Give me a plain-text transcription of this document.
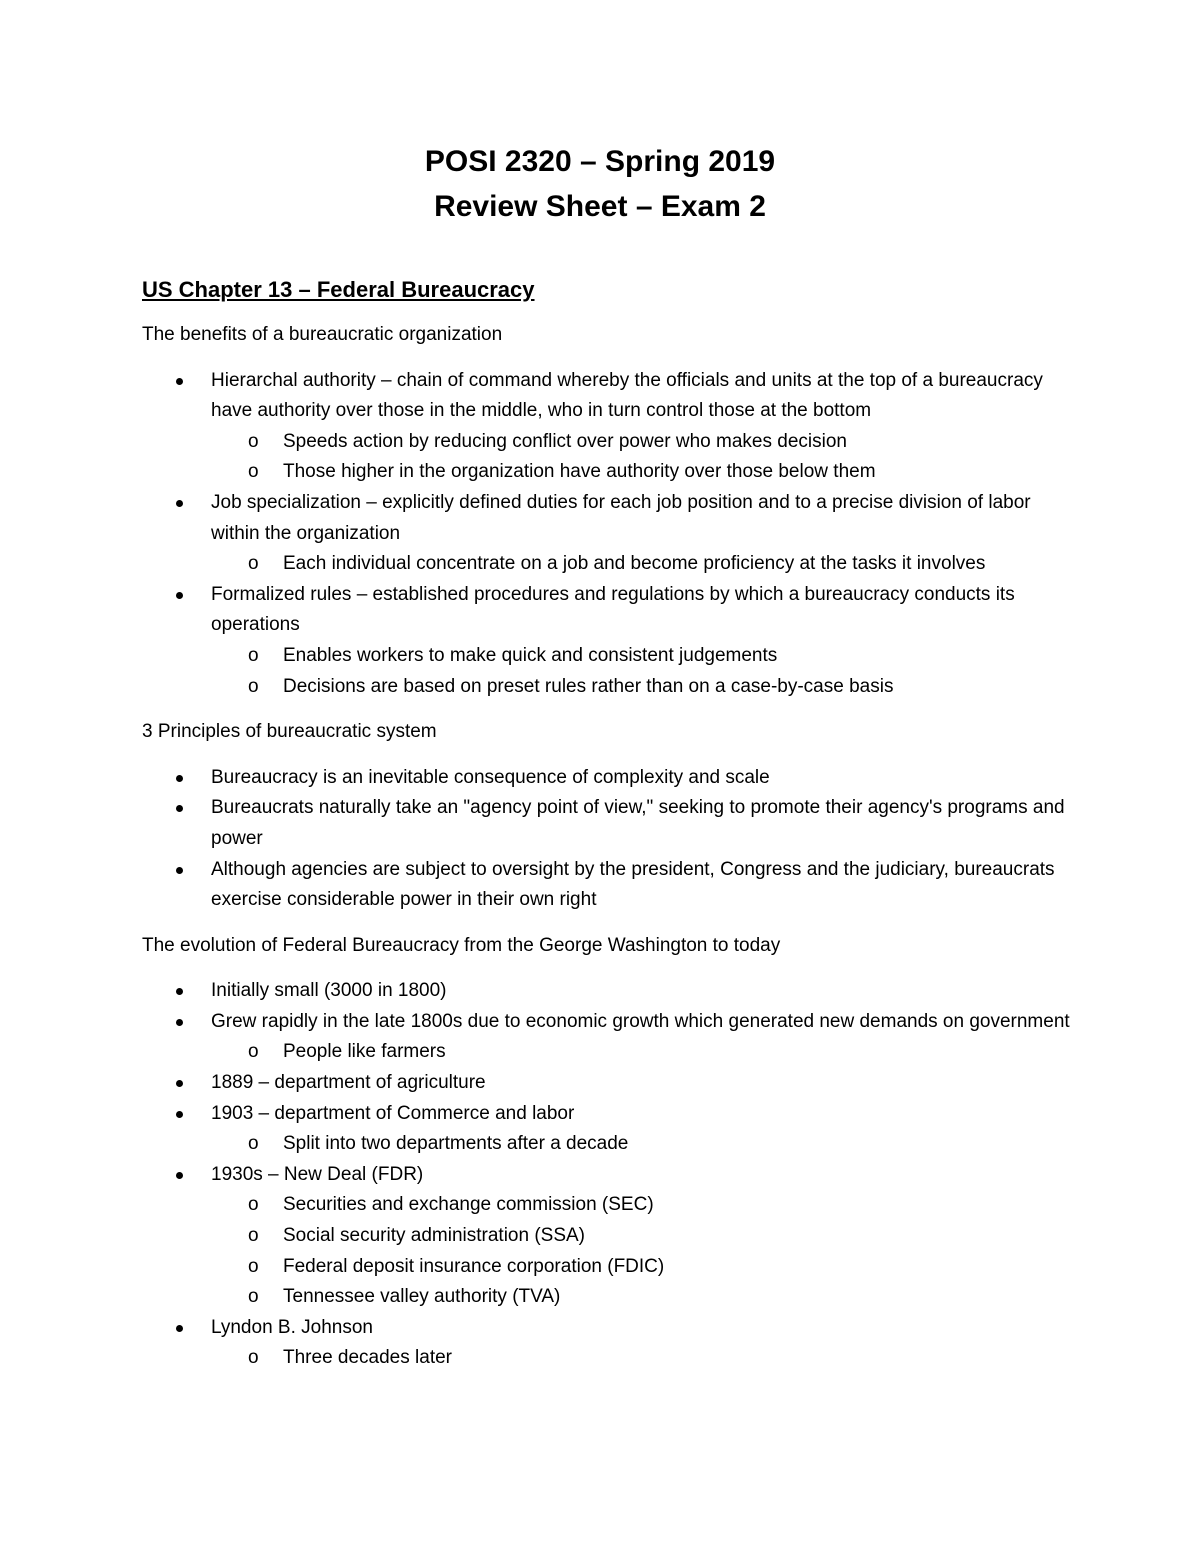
POSI 2320 – Spring 2019
Review Sheet – Exam 2
US Chapter 13 – Federal Bureaucracy

The benefits of a bureaucratic organization

Hierarchal authority – chain of command whereby the officials and units at the top of a bureaucracy have authority over those in the middle, who in turn control those at the bottom
o Speeds action by reducing conflict over power who makes decision
o Those higher in the organization have authority over those below them
Job specialization – explicitly defined duties for each job position and to a precise division of labor within the organization
o Each individual concentrate on a job and become proficiency at the tasks it involves
Formalized rules – established procedures and regulations by which a bureaucracy conducts its operations
o Enables workers to make quick and consistent judgements
o Decisions are based on preset rules rather than on a case-by-case basis

3 Principles of bureaucratic system

Bureaucracy is an inevitable consequence of complexity and scale
Bureaucrats naturally take an "agency point of view," seeking to promote their agency's programs and power
Although agencies are subject to oversight by the president, Congress and the judiciary, bureaucrats exercise considerable power in their own right

The evolution of Federal Bureaucracy from the George Washington to today

Initially small (3000 in 1800)
Grew rapidly in the late 1800s due to economic growth which generated new demands on government
o People like farmers
1889 – department of agriculture
1903 – department of Commerce and labor
o Split into two departments after a decade
1930s – New Deal (FDR)
o Securities and exchange commission (SEC)
o Social security administration (SSA)
o Federal deposit insurance corporation (FDIC)
o Tennessee valley authority (TVA)
Lyndon B. Johnson
o Three decades later
